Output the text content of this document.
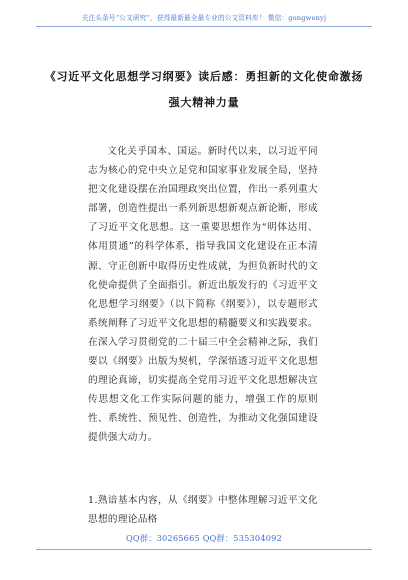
关注头条号“公文研究”，获得最新最全最专业的公文资料库！ 微信：gongwenyj
《习近平文化思想学习纲要》读后感：勇担新的文化使命激扬强大精神力量
文化关乎国本、国运。新时代以来，以习近平同志为核心的党中央立足党和国家事业发展全局，坚持把文化建设摆在治国理政突出位置，作出一系列重大部署，创造性提出一系列新思想新观点新论断，形成了习近平文化思想。这一重要思想作为“明体达用、体用贯通”的科学体系，指导我国文化建设在正本清源、守正创新中取得历史性成就，为担负新时代的文化使命提供了全面指引。新近出版发行的《习近平文化思想学习纲要》（以下简称《纲要》），以专题形式系统阐释了习近平文化思想的精髓要义和实践要求。在深入学习贯彻党的二十届三中全会精神之际，我们要以《纲要》出版为契机，学深悟透习近平文化思想的理论真谛，切实提高全党用习近平文化思想解决宣传思想文化工作实际问题的能力，增强工作的原则性、系统性、预见性、创造性，为推动文化强国建设提供强大动力。
1.熟谙基本内容，从《纲要》中整体理解习近平文化思想的理论品格
QQ群：30265665 QQ群：535304092
